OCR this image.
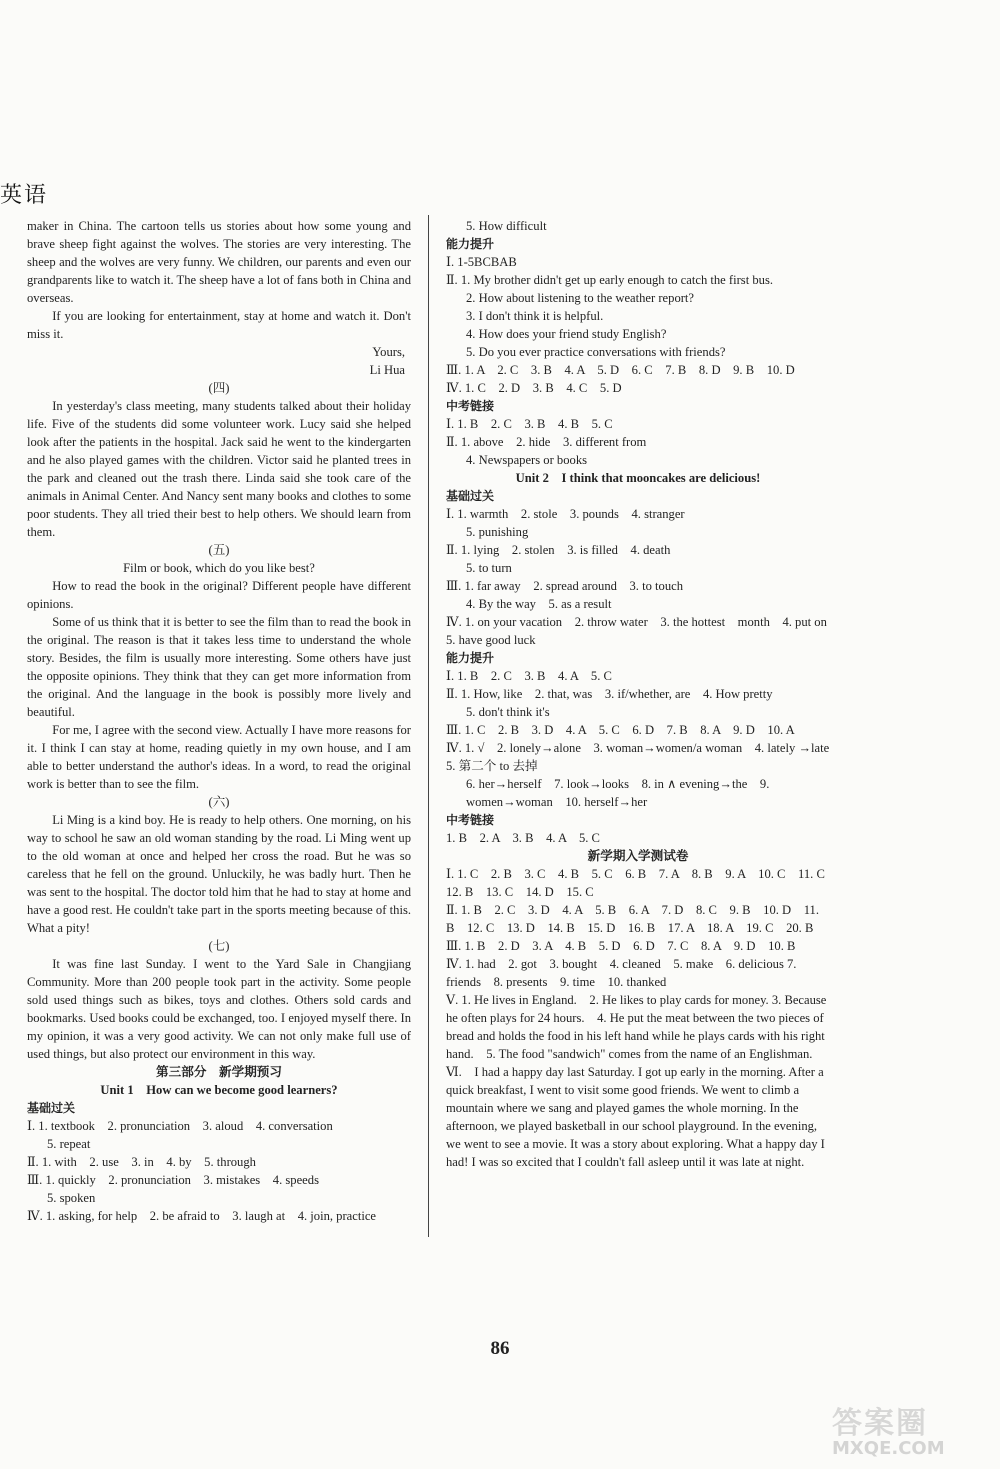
英语

maker in China. The cartoon tells us stories about how some young and brave sheep fight against the wolves. The stories are very interesting. The sheep and the wolves are very funny. We children, our parents and even our grandparents like to watch it. The sheep have a lot of fans both in China and overseas.

If you are looking for entertainment, stay at home and watch it. Don't miss it.

Yours,

Li Hua

(四)

In yesterday's class meeting, many students talked about their holiday life. Five of the students did some volunteer work. Lucy said she helped look after the patients in the hospital. Jack said he went to the kindergarten and he also played games with the children. Victor said he planted trees in the park and cleaned out the trash there. Linda said she took care of the animals in Animal Center. And Nancy sent many books and clothes to some poor students. They all tried their best to help others. We should learn from them.

(五)

Film or book, which do you like best?

How to read the book in the original? Different people have different opinions.

Some of us think that it is better to see the film than to read the book in the original. The reason is that it takes less time to understand the whole story. Besides, the film is usually more interesting. Some others have just the opposite opinions. They think that they can get more information from the original. And the language in the book is possibly more lively and beautiful.

For me, I agree with the second view. Actually I have more reasons for it. I think I can stay at home, reading quietly in my own house, and I am able to better understand the author's ideas. In a word, to read the original work is better than to see the film.

(六)

Li Ming is a kind boy. He is ready to help others. One morning, on his way to school he saw an old woman standing by the road. Li Ming went up to the old woman at once and helped her cross the road. But he was so careless that he fell on the ground. Unluckily, he was badly hurt. Then he was sent to the hospital. The doctor told him that he had to stay at home and have a good rest. He couldn't take part in the sports meeting because of this. What a pity!

(七)

It was fine last Sunday. I went to the Yard Sale in Changjiang Community. More than 200 people took part in the activity. Some people sold used things such as bikes, toys and clothes. Others sold cards and bookmarks. Used books could be exchanged, too. I enjoyed myself there. In my opinion, it was a very good activity. We can not only make full use of used things, but also protect our environment in this way.

第三部分　新学期预习

Unit 1　How can we become good learners?

基础过关

Ⅰ. 1. textbook　2. pronunciation　3. aloud　4. conversation

5. repeat

Ⅱ. 1. with　2. use　3. in　4. by　5. through

Ⅲ. 1. quickly　2. pronunciation　3. mistakes　4. speeds

5. spoken

Ⅳ. 1. asking, for help　2. be afraid to　3. laugh at　4. join, practice

5. How difficult

能力提升

Ⅰ. 1-5BCBAB

Ⅱ. 1. My brother didn't get up early enough to catch the first bus.

2. How about listening to the weather report?

3. I don't think it is helpful.

4. How does your friend study English?

5. Do you ever practice conversations with friends?

Ⅲ. 1. A　2. C　3. B　4. A　5. D　6. C　7. B　8. D　9. B　10. D

Ⅳ. 1. C　2. D　3. B　4. C　5. D

中考链接

Ⅰ. 1. B　2. C　3. B　4. B　5. C

Ⅱ. 1. above　2. hide　3. different from

4. Newspapers or books

Unit 2　I think that mooncakes are delicious!

基础过关

Ⅰ. 1. warmth　2. stole　3. pounds　4. stranger

5. punishing

Ⅱ. 1. lying　2. stolen　3. is filled　4. death

5. to turn

Ⅲ. 1. far away　2. spread around　3. to touch

4. By the way　5. as a result

Ⅳ. 1. on your vacation　2. throw water　3. the hottest　month　4. put on　5. have good luck

能力提升

Ⅰ. 1. B　2. C　3. B　4. A　5. C

Ⅱ. 1. How, like　2. that, was　3. if/whether, are　4. How pretty

5. don't think it's

Ⅲ. 1. C　2. B　3. D　4. A　5. C　6. D　7. B　8. A　9. D　10. A

Ⅳ. 1. √　2. lonely→alone　3. woman→women/a woman　4. lately →late　5. 第二个 to 去掉

6. her→herself　7. look→looks　8. in ∧ evening→the　9. women→woman　10. herself→her

中考链接

1. B　2. A　3. B　4. A　5. C

新学期入学测试卷

Ⅰ. 1. C　2. B　3. C　4. B　5. C　6. B　7. A　8. B　9. A　10. C　11. C　12. B　13. C　14. D　15. C

Ⅱ. 1. B　2. C　3. D　4. A　5. B　6. A　7. D　8. C　9. B　10. D　11. B　12. C　13. D　14. B　15. D　16. B　17. A　18. A　19. C　20. B

Ⅲ. 1. B　2. D　3. A　4. B　5. D　6. D　7. C　8. A　9. D　10. B

Ⅳ. 1. had　2. got　3. bought　4. cleaned　5. make　6. delicious 7. friends　8. presents　9. time　10. thanked

Ⅴ. 1. He lives in England.　2. He likes to play cards for money. 3. Because he often plays for 24 hours.　4. He put the meat between the two pieces of bread and holds the food in his left hand while he plays cards with his right hand.　5. The food "sandwich" comes from the name of an Englishman.

Ⅵ.　I had a happy day last Saturday. I got up early in the morning. After a quick breakfast, I went to visit some good friends. We went to climb a mountain where we sang and played games the whole morning. In the afternoon, we played basketball in our school playground. In the evening, we went to see a movie. It was a story about exploring. What a happy day I had! I was so excited that I couldn't fall asleep until it was late at night.

86
答案圈
MXQE.COM
